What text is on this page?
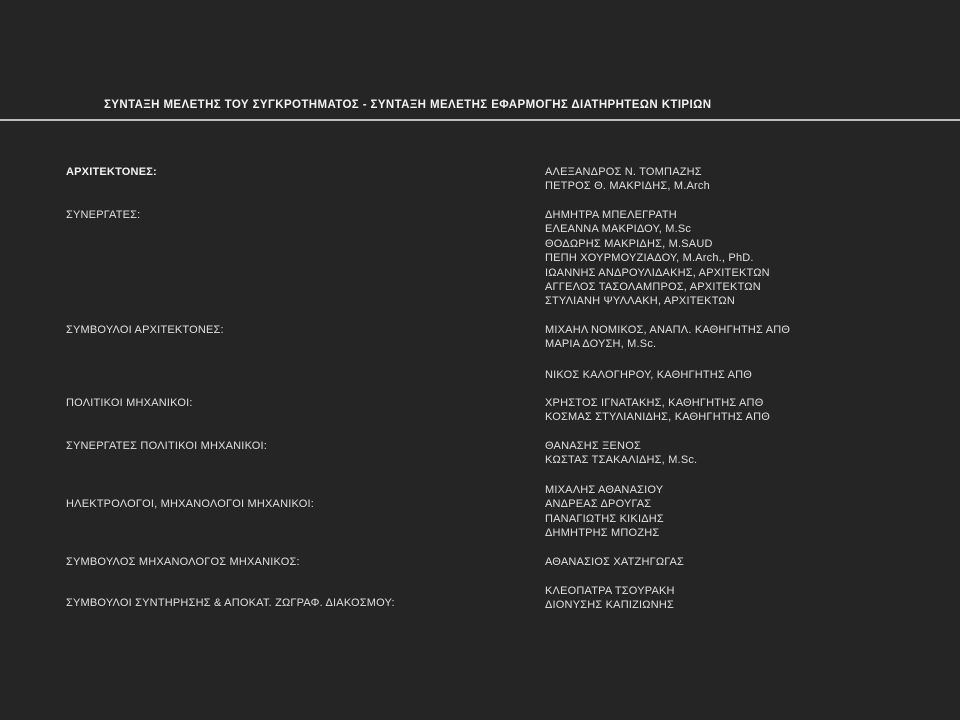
ΣΥΝΤΑΞΗ ΜΕΛΕΤΗΣ ΤΟΥ ΣΥΓΚΡΟΤΗΜΑΤΟΣ - ΣΥΝΤΑΞΗ ΜΕΛΕΤΗΣ ΕΦΑΡΜΟΓΗΣ ΔΙΑΤΗΡΗΤΕΩΝ ΚΤΙΡΙΩΝ
ΑΡΧΙΤΕΚΤΟΝΕΣ:	ΑΛΕΞΑΝΔΡΟΣ Ν. ΤΟΜΠΑΖΗΣ
ΠΕΤΡΟΣ Θ. ΜΑΚΡΙΔΗΣ, M.Arch
ΣΥΝΕΡΓΑΤΕΣ:	ΔΗΜΗΤΡΑ ΜΠΕΛΕΓΡΑΤΗ
ΕΛΕΑΝΝΑ ΜΑΚΡΙΔΟΥ, M.Sc
ΘΟΔΩΡΗΣ ΜΑΚΡΙΔΗΣ, M.SAUD
ΠΕΠΗ ΧΟΥΡΜΟΥΖΙΑΔΟΥ, M.Arch., PhD.
ΙΩΑΝΝΗΣ ΑΝΔΡΟΥΛΙΔΑΚΗΣ, ΑΡΧΙΤΕΚΤΩΝ
ΑΓΓΕΛΟΣ ΤΑΣΟΛΑΜΠΡΟΣ, ΑΡΧΙΤΕΚΤΩΝ
ΣΤΥΛΙΑΝΗ ΨΥΛΛΑΚΗ, ΑΡΧΙΤΕΚΤΩΝ
ΣΥΜΒΟΥΛΟΙ ΑΡΧΙΤΕΚΤΟΝΕΣ:	ΜΙΧΑΗΛ ΝΟΜΙΚΟΣ, ΑΝΑΠΛ. ΚΑΘΗΓΗΤΗΣ ΑΠΘ
ΜΑΡΙΑ ΔΟΥΣΗ, M.Sc.
ΝΙΚΟΣ ΚΑΛΟΓΗΡΟΥ, ΚΑΘΗΓΗΤΗΣ ΑΠΘ
ΠΟΛΙΤΙΚΟΙ ΜΗΧΑΝΙΚΟΙ:	ΧΡΗΣΤΟΣ ΙΓΝΑΤΑΚΗΣ, ΚΑΘΗΓΗΤΗΣ ΑΠΘ
ΚΟΣΜΑΣ ΣΤΥΛΙΑΝΙΔΗΣ, ΚΑΘΗΓΗΤΗΣ ΑΠΘ
ΣΥΝΕΡΓΑΤΕΣ ΠΟΛΙΤΙΚΟΙ ΜΗΧΑΝΙΚΟΙ:	ΘΑΝΑΣΗΣ ΞΕΝΟΣ
ΚΩΣΤΑΣ ΤΣΑΚΑΛΙΔΗΣ, M.Sc.
ΗΛΕΚΤΡΟΛΟΓΟΙ, ΜΗΧΑΝΟΛΟΓΟΙ ΜΗΧΑΝΙΚΟΙ:
ΜΙΧΑΛΗΣ ΑΘΑΝΑΣΙΟΥ
ΑΝΔΡΕΑΣ ΔΡΟΥΓΑΣ
ΠΑΝΑΓΙΩΤΗΣ ΚΙΚΙΔΗΣ
ΔΗΜΗΤΡΗΣ ΜΠΟΖΗΣ
ΣΥΜΒΟΥΛΟΣ ΜΗΧΑΝΟΛΟΓΟΣ ΜΗΧΑΝΙΚΟΣ:	ΑΘΑΝΑΣΙΟΣ ΧΑΤΖΗΓΩΓΑΣ
ΣΥΜΒΟΥΛΟΙ ΣΥΝΤΗΡΗΣΗΣ & ΑΠΟΚΑΤ. ΖΩΓΡΑΦ. ΔΙΑΚΟΣΜΟΥ:
ΚΛΕΟΠΑΤΡΑ ΤΣΟΥΡΑΚΗ
ΔΙΟΝΥΣΗΣ ΚΑΠΙΖΙΩΝΗΣ
